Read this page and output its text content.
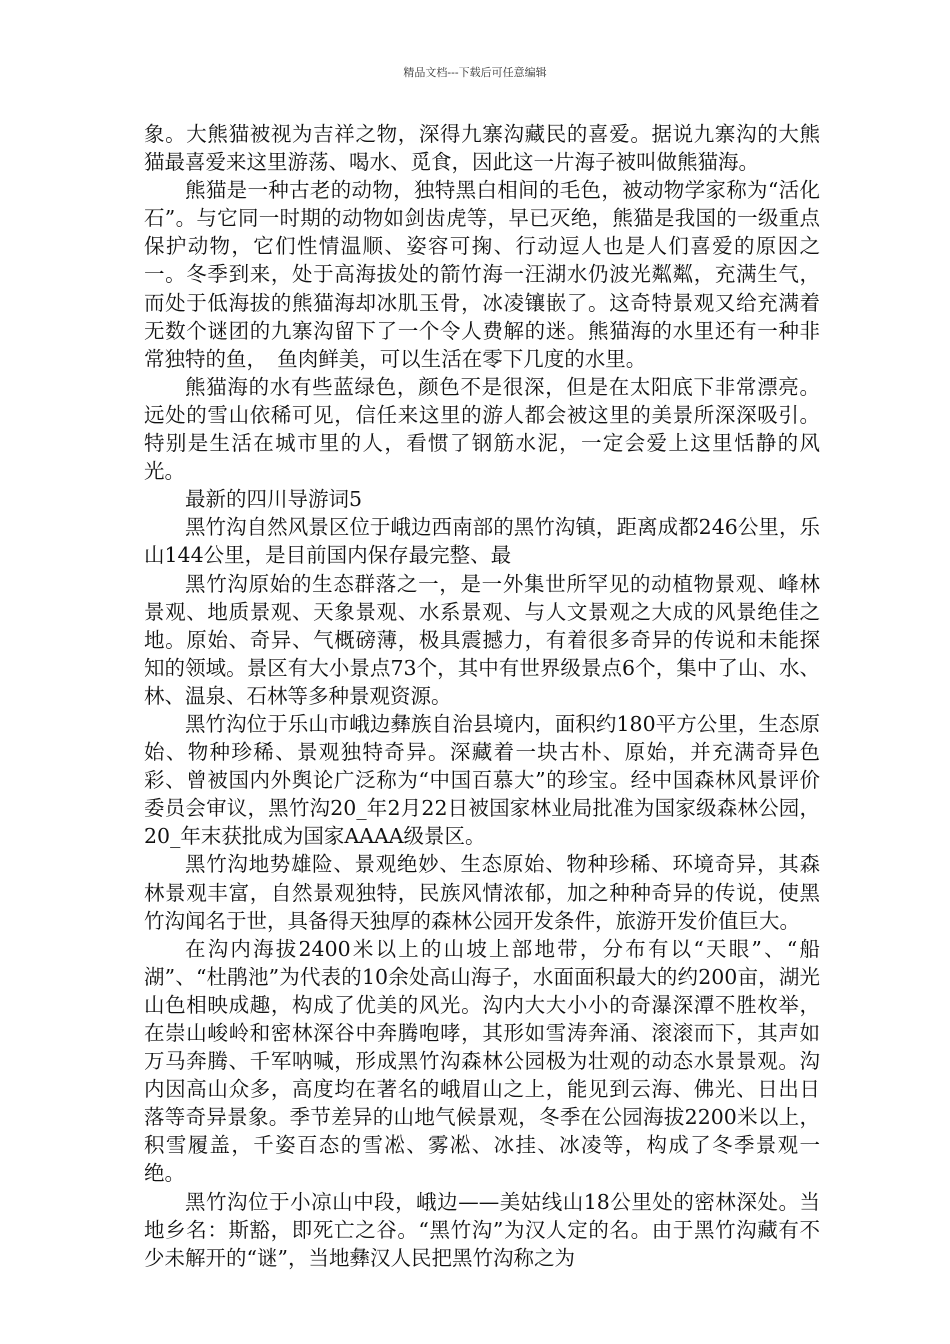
精品文档---下载后可任意编辑

象。大熊猫被视为吉祥之物，深得九寨沟藏民的喜爱。据说九寨沟的大熊猫最喜爱来这里游荡、喝水、觅食，因此这一片海子被叫做熊猫海。

熊猫是一种古老的动物，独特黑白相间的毛色，被动物学家称为“活化石”。与它同一时期的动物如剑齿虎等，早已灭绝，熊猫是我国的一级重点保护动物，它们性情温顺、姿容可掬、行动逗人也是人们喜爱的原因之一。冬季到来，处于高海拔处的箭竹海一汪湖水仍波光粼粼，充满生气，而处于低海拔的熊猫海却冰肌玉骨，冰凌镶嵌了。这奇特景观又给充满着无数个谜团的九寨沟留下了一个令人费解的迷。熊猫海的水里还有一种非常独特的鱼，　鱼肉鲜美，可以生活在零下几度的水里。

熊猫海的水有些蓝绿色，颜色不是很深，但是在太阳底下非常漂亮。远处的雪山依稀可见，信任来这里的游人都会被这里的美景所深深吸引。特别是生活在城市里的人，看惯了钢筋水泥，一定会爱上这里恬静的风光。

最新的四川导游词5

黑竹沟自然风景区位于峨边西南部的黑竹沟镇，距离成都246公里，乐山144公里，是目前国内保存最完整、最

黑竹沟原始的生态群落之一，是一外集世所罕见的动植物景观、峰林景观、地质景观、天象景观、水系景观、与人文景观之大成的风景绝佳之地。原始、奇异、气概磅薄，极具震撼力，有着很多奇异的传说和未能探知的领域。景区有大小景点73个，其中有世界级景点6个，集中了山、水、林、温泉、石林等多种景观资源。

黑竹沟位于乐山市峨边彝族自治县境内，面积约180平方公里，生态原始、物种珍稀、景观独特奇异。深藏着一块古朴、原始，并充满奇异色彩、曾被国内外舆论广泛称为“中国百慕大”的珍宝。经中国森林风景评价委员会审议，黑竹沟20_年2月22日被国家林业局批准为国家级森林公园，20_年末获批成为国家AAAA级景区。

黑竹沟地势雄险、景观绝妙、生态原始、物种珍稀、环境奇异，其森林景观丰富，自然景观独特，民族风情浓郁，加之种种奇异的传说，使黑竹沟闻名于世，具备得天独厚的森林公园开发条件，旅游开发价值巨大。

在沟内海拔2400米以上的山坡上部地带，分布有以“天眼”、“船湖”、“杜鹃池”为代表的10余处高山海子，水面面积最大的约200亩，湖光山色相映成趣，构成了优美的风光。沟内大大小小的奇瀑深潭不胜枚举，在崇山峻岭和密林深谷中奔腾咆哮，其形如雪涛奔涌、滚滚而下，其声如万马奔腾、千军呐喊，形成黑竹沟森林公园极为壮观的动态水景景观。沟内因高山众多，高度均在著名的峨眉山之上，能见到云海、佛光、日出日落等奇异景象。季节差异的山地气候景观，冬季在公园海拔2200米以上，积雪履盖，千姿百态的雪凇、雾凇、冰挂、冰凌等，构成了冬季景观一绝。

黑竹沟位于小凉山中段，峨边——美姑线山18公里处的密林深处。当地乡名：斯豁，即死亡之谷。“黑竹沟”为汉人定的名。由于黑竹沟藏有不少未解开的“谜”，当地彝汉人民把黑竹沟称之为
